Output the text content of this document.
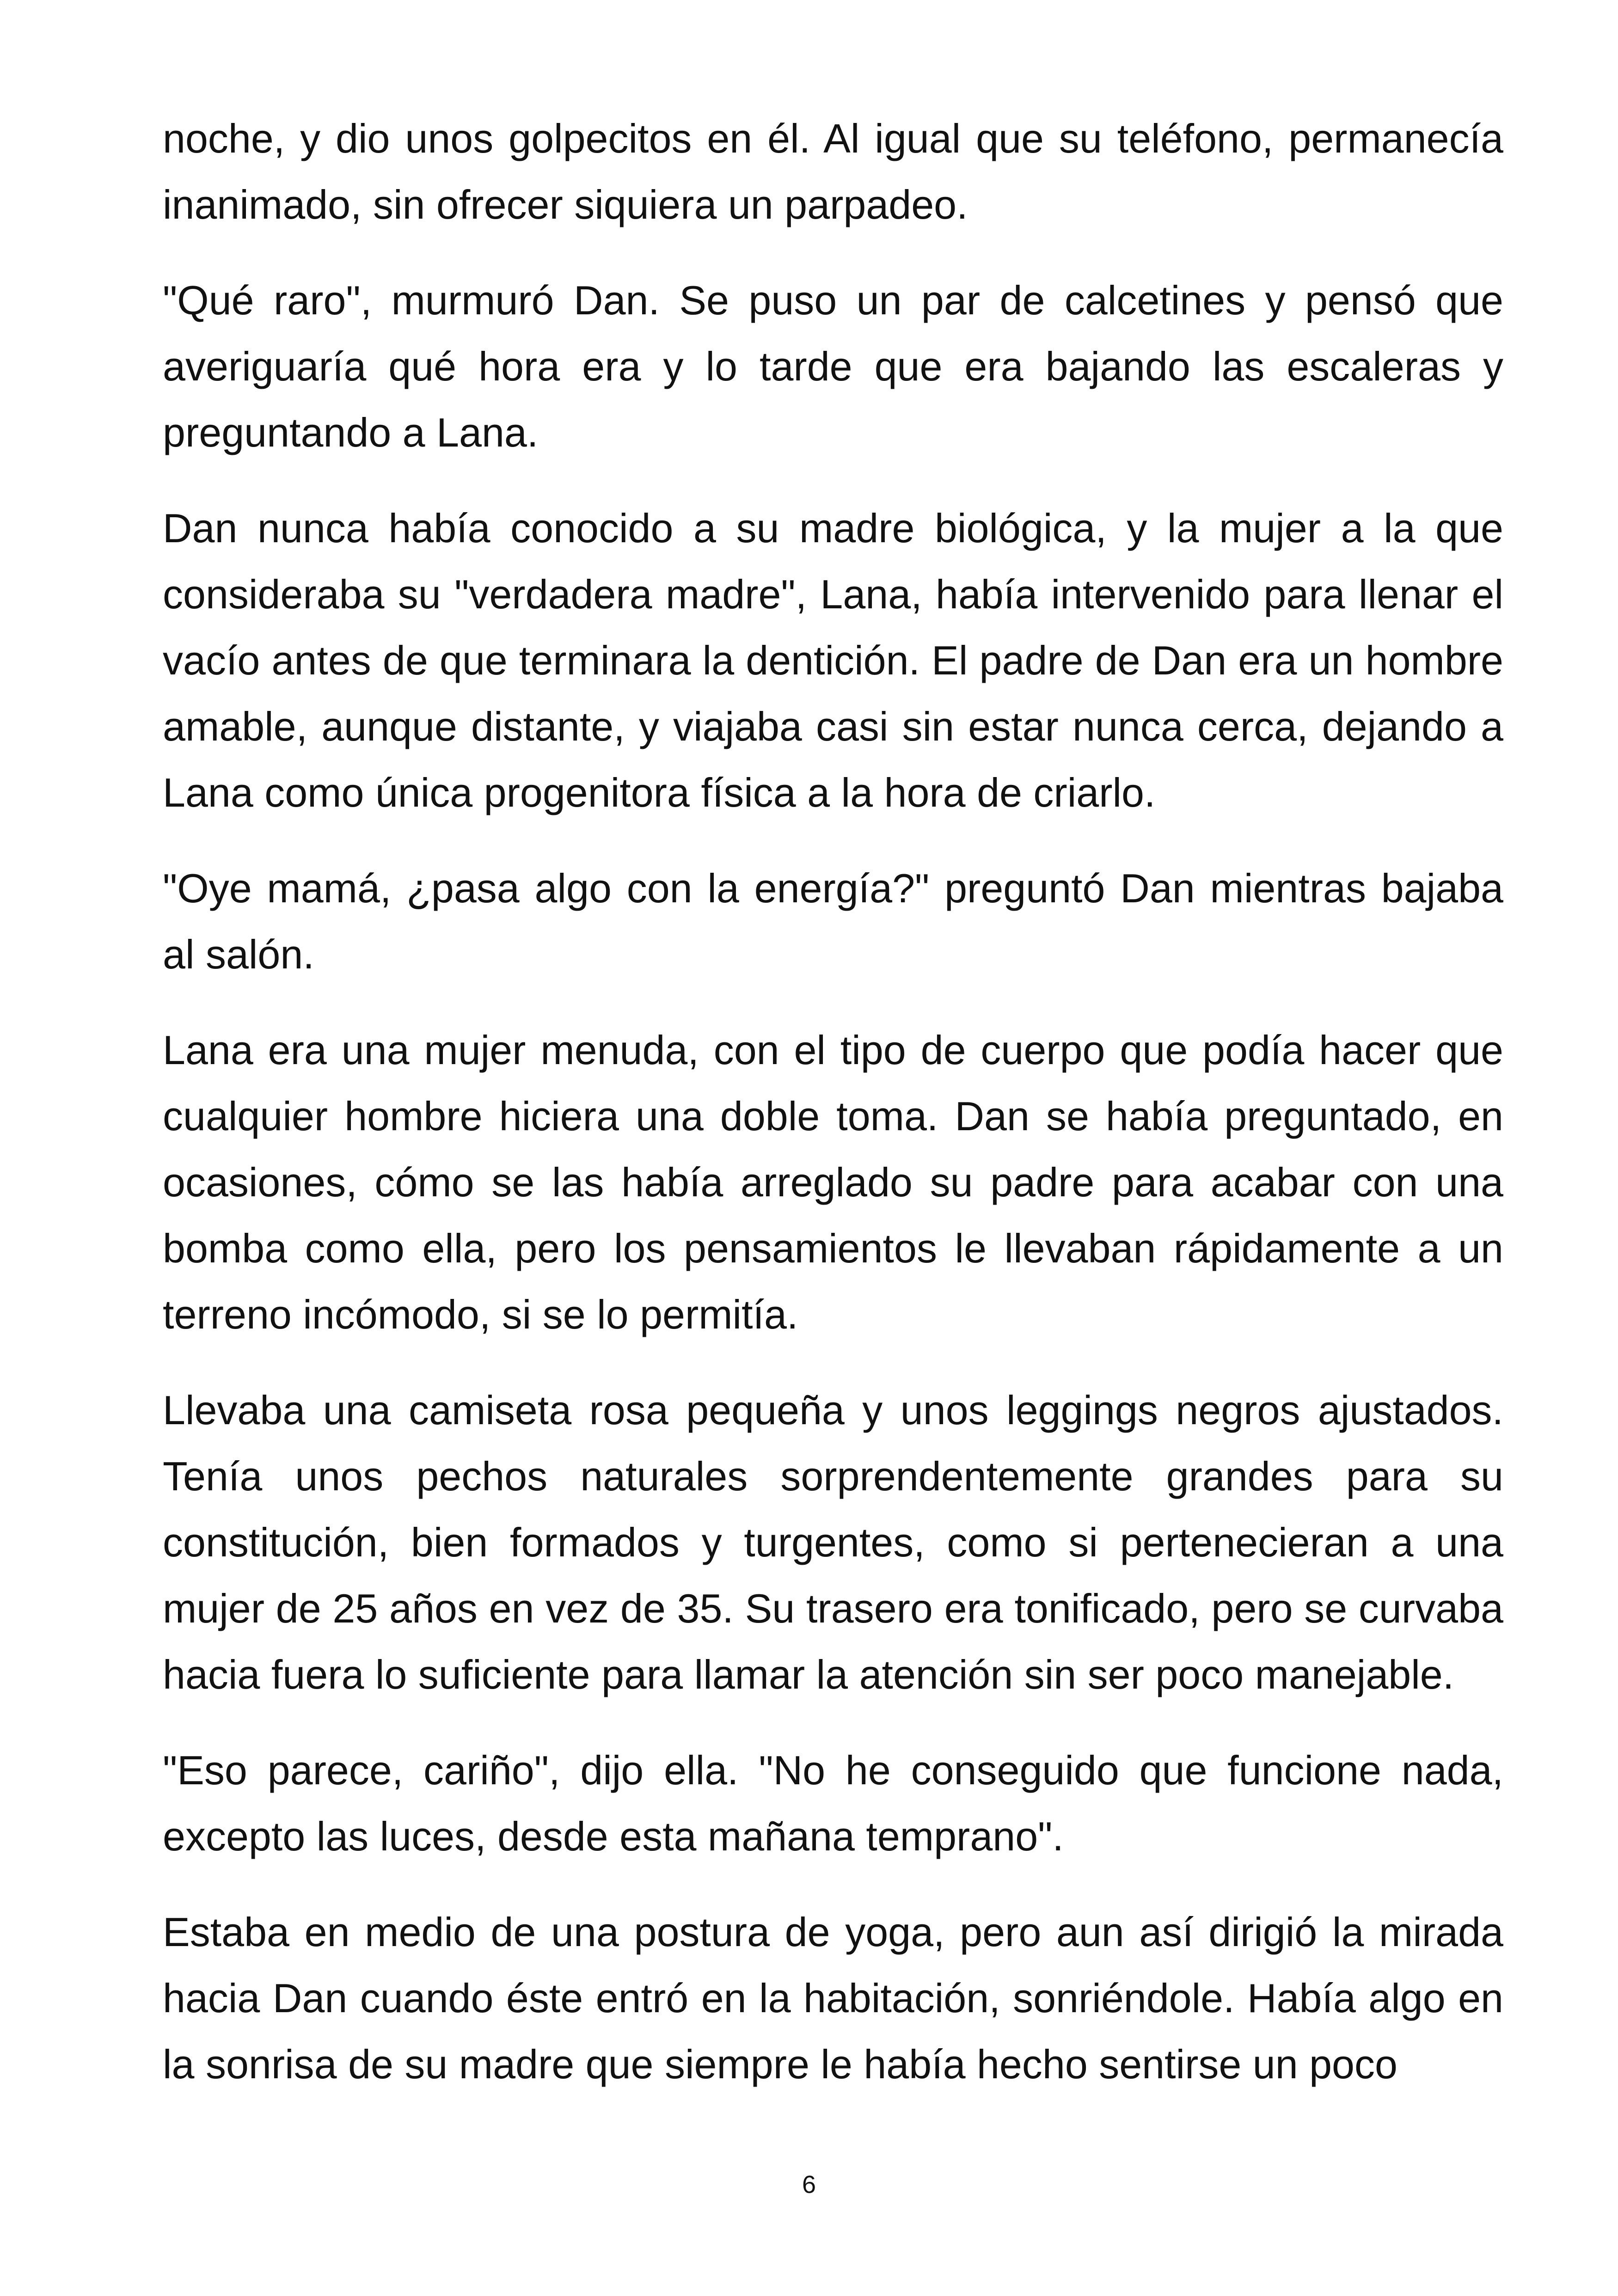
noche, y dio unos golpecitos en él. Al igual que su teléfono, permanecía inanimado, sin ofrecer siquiera un parpadeo.

"Qué raro", murmuró Dan. Se puso un par de calcetines y pensó que averiguaría qué hora era y lo tarde que era bajando las escaleras y preguntando a Lana.

Dan nunca había conocido a su madre biológica, y la mujer a la que consideraba su "verdadera madre", Lana, había intervenido para llenar el vacío antes de que terminara la dentición. El padre de Dan era un hombre amable, aunque distante, y viajaba casi sin estar nunca cerca, dejando a Lana como única progenitora física a la hora de criarlo.

"Oye mamá, ¿pasa algo con la energía?" preguntó Dan mientras bajaba al salón.

Lana era una mujer menuda, con el tipo de cuerpo que podía hacer que cualquier hombre hiciera una doble toma. Dan se había preguntado, en ocasiones, cómo se las había arreglado su padre para acabar con una bomba como ella, pero los pensamientos le llevaban rápidamente a un terreno incómodo, si se lo permitía.

Llevaba una camiseta rosa pequeña y unos leggings negros ajustados. Tenía unos pechos naturales sorprendentemente grandes para su constitución, bien formados y turgentes, como si pertenecieran a una mujer de 25 años en vez de 35. Su trasero era tonificado, pero se curvaba hacia fuera lo suficiente para llamar la atención sin ser poco manejable.

"Eso parece, cariño", dijo ella. "No he conseguido que funcione nada, excepto las luces, desde esta mañana temprano".

Estaba en medio de una postura de yoga, pero aun así dirigió la mirada hacia Dan cuando éste entró en la habitación, sonriéndole. Había algo en la sonrisa de su madre que siempre le había hecho sentirse un poco

6
